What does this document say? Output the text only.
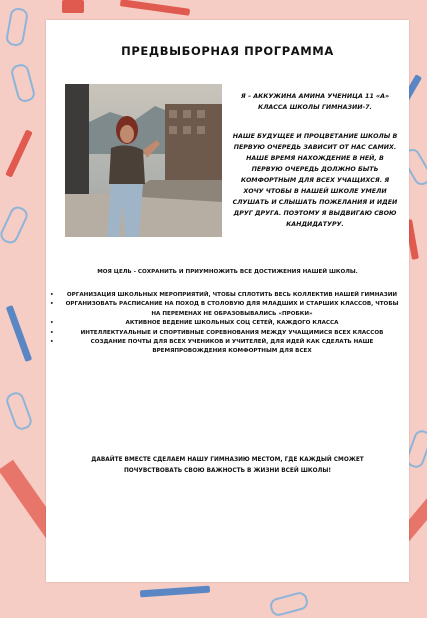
ПРЕДВЫБОРНАЯ ПРОГРАММА
Я – АККУЖИНА АМИНА УЧЕНИЦА 11 «А» КЛАССА ШКОЛЫ ГИМНАЗИИ-7.
НАШЕ БУДУЩЕЕ И ПРОЦВЕТАНИЕ ШКОЛЫ В ПЕРВУЮ ОЧЕРЕДЬ ЗАВИСИТ ОТ НАС САМИХ. НАШЕ ВРЕМЯ НАХОЖДЕНИЕ В НЕЙ, В ПЕРВУЮ ОЧЕРЕДЬ ДОЛЖНО БЫТЬ КОМФОРТНЫМ ДЛЯ ВСЕХ УЧАЩИХСЯ. Я ХОЧУ ЧТОБЫ В НАШЕЙ ШКОЛЕ УМЕЛИ СЛУШАТЬ И СЛЫШАТЬ ПОЖЕЛАНИЯ И ИДЕИ ДРУГ ДРУГА. ПОЭТОМУ Я ВЫДВИГАЮ СВОЮ КАНДИДАТУРУ.
МОЯ ЦЕЛЬ - СОХРАНИТЬ И ПРИУМНОЖИТЬ ВСЕ ДОСТИЖЕНИЯ НАШЕЙ ШКОЛЫ.
• ОРГАНИЗАЦИЯ ШКОЛЬНЫХ МЕРОПРИЯТИЙ, ЧТОБЫ СПЛОТИТЬ ВЕСЬ КОЛЛЕКТИВ НАШЕЙ ГИМНАЗИИ
• ОРГАНИЗОВАТЬ РАСПИСАНИЕ НА ПОХОД В СТОЛОВУЮ ДЛЯ МЛАДШИХ И СТАРШИХ КЛАССОВ, ЧТОБЫ НА ПЕРЕМЕНАХ НЕ ОБРАЗОВЫВАЛИСЬ «ПРОБКИ»
•	АКТИВНОЕ ВЕДЕНИЕ ШКОЛЬНЫХ СОЦ СЕТЕЙ, КАЖДОГО КЛАССА
•	ИНТЕЛЛЕКТУАЛЬНЫЕ И СПОРТИВНЫЕ СОРЕВНОВАНИЯ МЕЖДУ УЧАЩИМИСЯ ВСЕХ КЛАССОВ
•	СОЗДАНИЕ ПОЧТЫ ДЛЯ ВСЕХ УЧЕНИКОВ И УЧИТЕЛЕЙ, ДЛЯ ИДЕЙ КАК СДЕЛАТЬ НАШЕ ВРЕМЯПРОВОЖДЕНИЯ КОМФОРТНЫМ ДЛЯ ВСЕХ
ДАВАЙТЕ ВМЕСТЕ СДЕЛАЕМ НАШУ ГИМНАЗИЮ МЕСТОМ, ГДЕ КАЖДЫЙ СМОЖЕТ ПОЧУВСТВОВАТЬ СВОЮ ВАЖНОСТЬ В ЖИЗНИ ВСЕЙ ШКОЛЫ!
